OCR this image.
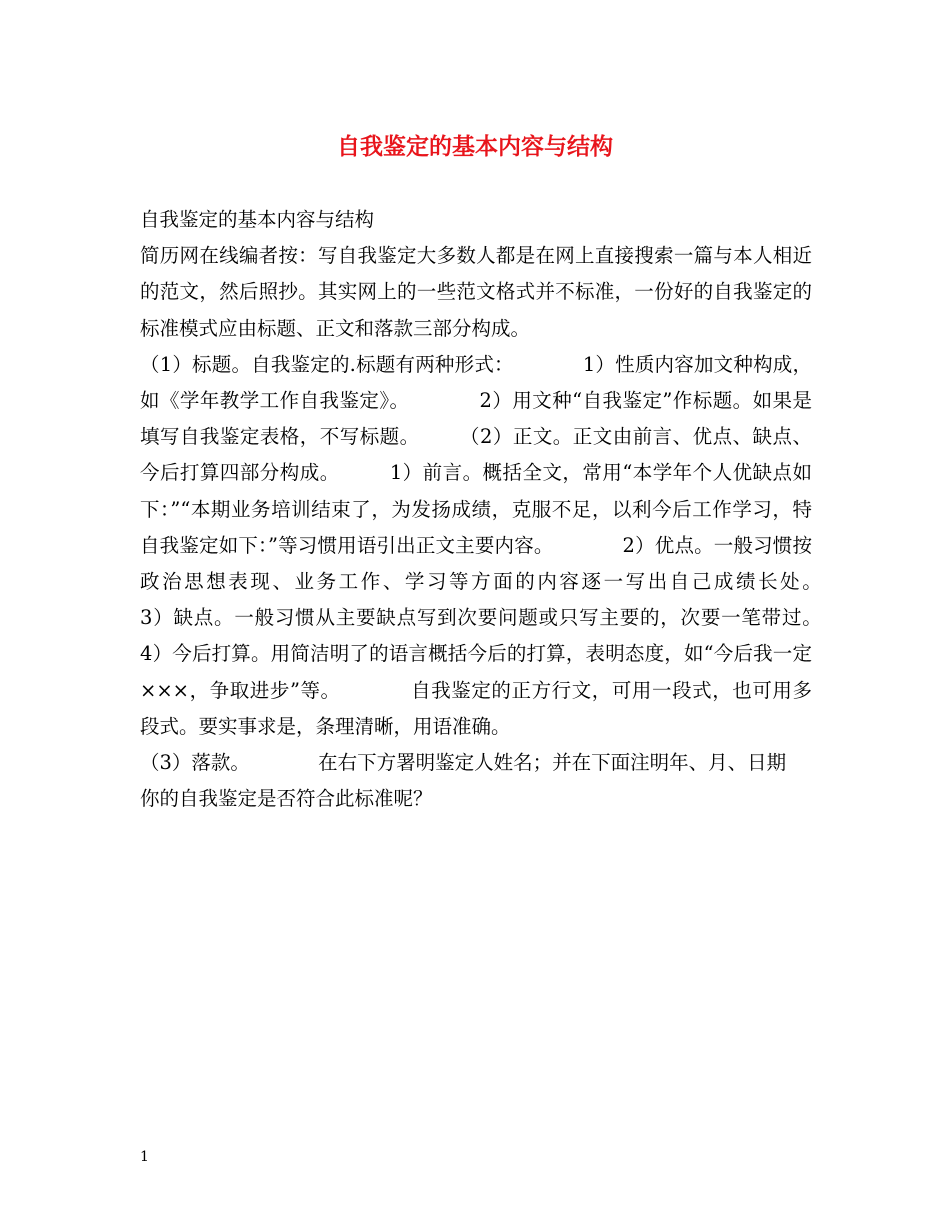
自我鉴定的基本内容与结构

自我鉴定的基本内容与结构

简历网在线编者按：写自我鉴定大多数人都是在网上直接搜索一篇与本人相近的范文，然后照抄。其实网上的一些范文格式并不标准，一份好的自我鉴定的标准模式应由标题、正文和落款三部分构成。

（1）标题。自我鉴定的.标题有两种形式：　　　　1）性质内容加文种构成，如《学年教学工作自我鉴定》。　　　　2）用文种“自我鉴定”作标题。如果是填写自我鉴定表格，不写标题。　　　（2）正文。正文由前言、优点、缺点、今后打算四部分构成。　　　1）前言。概括全文，常用“本学年个人优缺点如下：”“本期业务培训结束了，为发扬成绩，克服不足，以利今后工作学习，特自我鉴定如下：”等习惯用语引出正文主要内容。　　　　2）优点。一般习惯按政治思想表现、业务工作、学习等方面的内容逐一写出自己成绩长处。　　　　3）缺点。一般习惯从主要缺点写到次要问题或只写主要的，次要一笔带过。　4）今后打算。用简洁明了的语言概括今后的打算，表明态度，如“今后我一定×××，争取进步”等。　　　　自我鉴定的正方行文，可用一段式，也可用多段式。要实事求是，条理清晰，用语准确。

（3）落款。　　　　在右下方署明鉴定人姓名；并在下面注明年、月、日期

你的自我鉴定是否符合此标准呢？

1
